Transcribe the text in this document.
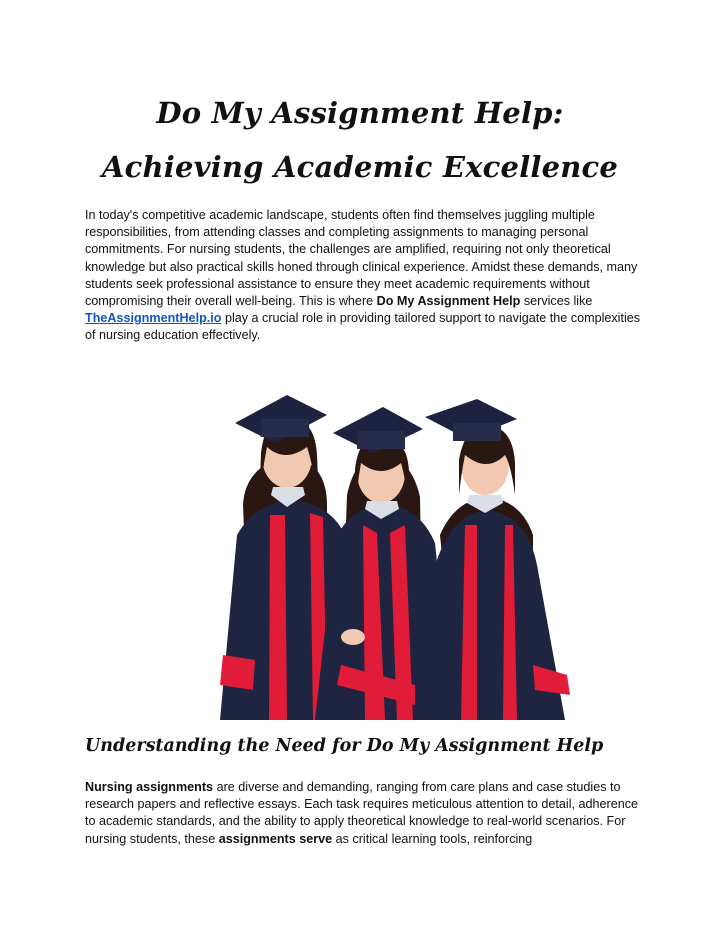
Do My Assignment Help:
Achieving Academic Excellence

In today's competitive academic landscape, students often find themselves juggling multiple responsibilities, from attending classes and completing assignments to managing personal commitments. For nursing students, the challenges are amplified, requiring not only theoretical knowledge but also practical skills honed through clinical experience. Amidst these demands, many students seek professional assistance to ensure they meet academic requirements without compromising their overall well-being. This is where Do My Assignment Help services like TheAssignmentHelp.io play a crucial role in providing tailored support to navigate the complexities of nursing education effectively.

Understanding the Need for Do My Assignment Help

Nursing assignments are diverse and demanding, ranging from care plans and case studies to research papers and reflective essays. Each task requires meticulous attention to detail, adherence to academic standards, and the ability to apply theoretical knowledge to real-world scenarios. For nursing students, these assignments serve as critical learning tools, reinforcing
